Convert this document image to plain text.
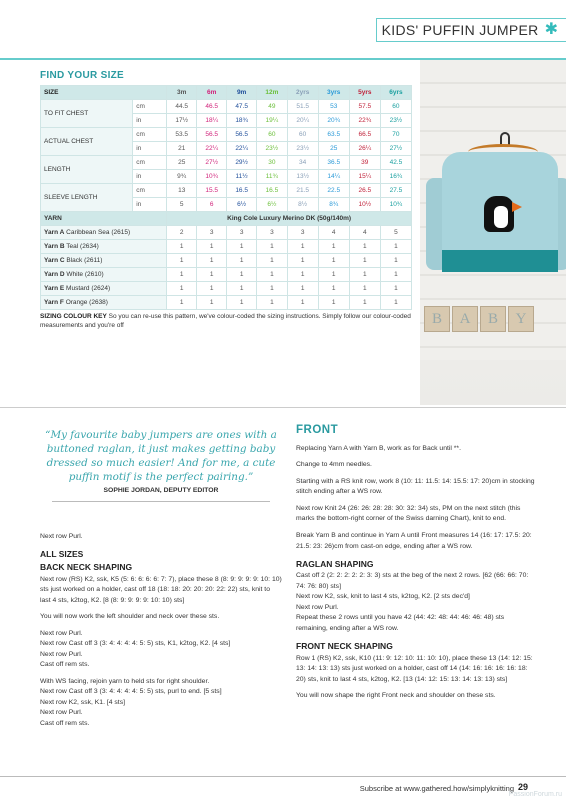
KIDS' PUFFIN JUMPER ✱
FIND YOUR SIZE
SIZE		3m	6m	9m	12m	2yrs	3yrs	5yrs	6yrs
TO FIT CHEST	cm	44.5	46.5	47.5	49	51.5	53	57.5	60
	in	17½	18¼	18¾	19¼	20¼	20¾	22¾	23½
ACTUAL CHEST	cm	53.5	56.5	56.5	60	60	63.5	66.5	70
	in	21	22¼	22¼	23½	23½	25	26¼	27½
LENGTH	cm	25	27½	29½	30	34	36.5	39	42.5
	in	9¾	10¾	11½	11¾	13½	14¼	15¼	16¾
SLEEVE LENGTH	cm	13	15.5	16.5	16.5	21.5	22.5	26.5	27.5
	in	5	6	6½	6½	8½	8¾	10½	10¾
YARN		King Cole Luxury Merino DK (50g/140m)							
Yarn A Caribbean Sea (2615)		2	3	3	3	3	4	4	5
Yarn B Teal (2634)		1	1	1	1	1	1	1	1
Yarn C Black (2611)		1	1	1	1	1	1	1	1
Yarn D White (2610)		1	1	1	1	1	1	1	1
Yarn E Mustard (2624)		1	1	1	1	1	1	1	1
Yarn F Orange (2638)		1	1	1	1	1	1	1	1
SIZING COLOUR KEY So you can re-use this pattern, we've colour-coded the sizing instructions. Simply follow our colour-coded measurements and you're off	B	A	B	Y
“My favourite baby jumpers are ones with a buttoned raglan, it just makes getting baby dressed so much easier! And for me, a cute puffin motif is the perfect pairing.”
SOPHIE JORDAN, DEPUTY EDITOR

Next row Purl.

ALL SIZES
BACK NECK SHAPING

Next row (RS) K2, ssk, K5 (5: 6: 6: 6: 6: 7: 7), place these 8 (8: 9: 9: 9: 9: 10: 10) sts just worked on a holder, cast off 18 (18: 18: 20: 20: 20: 22: 22) sts, knit to last 4 sts, k2tog, K2. [8 (8: 9: 9: 9: 9: 10: 10) sts]

You will now work the left shoulder and neck over these sts.

Next row Purl.
Next row Cast off 3 (3: 4: 4: 4: 4: 5: 5) sts, K1, k2tog, K2. [4 sts]
Next row Purl.

Cast off rem sts.

With WS facing, rejoin yarn to held sts for right shoulder.
Next row Cast off 3 (3: 4: 4: 4: 4: 5: 5) sts, purl to end. [5 sts]
Next row K2, ssk, K1. [4 sts]
Next row Purl.
Cast off rem sts.
FRONT

Replacing Yarn A with Yarn B, work as for Back until **.

Change to 4mm needles.

Starting with a RS knit row, work 8 (10: 11: 11.5: 14: 15.5: 17: 20)cm in stocking stitch ending after a WS row.

Next row Knit 24 (26: 26: 28: 28: 30: 32: 34) sts, PM on the next stitch (this marks the bottom-right corner of the Swiss darning Chart), knit to end.

Break Yarn B and continue in Yarn A until Front measures 14 (16: 17: 17.5: 20: 21.5: 23: 26)cm from cast-on edge, ending after a WS row.

RAGLAN SHAPING
Cast off 2 (2: 2: 2: 2: 2: 3: 3) sts at the beg of the next 2 rows. [62 (66: 66: 70: 74: 76: 80) sts]
Next row K2, ssk, knit to last 4 sts, k2tog, K2. [2 sts dec'd]
Next row Purl.

Repeat these 2 rows until you have 42 (44: 42: 48: 44: 46: 46: 48) sts remaining, ending after a WS row.

FRONT NECK SHAPING

Row 1 (RS) K2, ssk, K10 (11: 9: 12: 10: 11: 10: 10), place these 13 (14: 12: 15: 13: 14: 13: 13) sts just worked on a holder, cast off 14 (14: 16: 16: 16: 16: 18: 20) sts, knit to last 4 sts, k2tog, K2. [13 (14: 12: 15: 13: 14: 13: 13) sts]

You will now shape the right Front neck and shoulder on these sts.

Subscribe at www.gathered.how/simplyknitting 29
PassionForum.ru
